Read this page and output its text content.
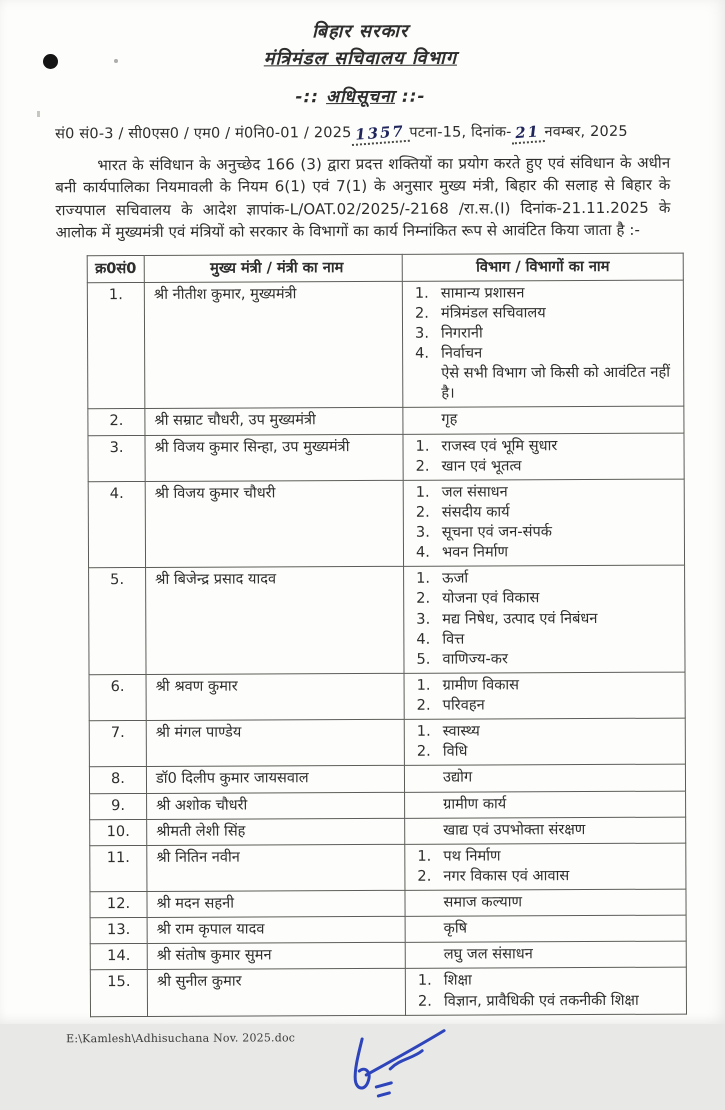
बिहार सरकार
मंत्रिमंडल सचिवालय विभाग
-:: अधिसूचना ::-
सं0 सं0-3 / सी0एस0 / एम0 / मं0नि0-01 / 2025 1357 पटना-15, दिनांक- 21 नवम्बर, 2025

भारत के संविधान के अनुच्छेद 166 (3) द्वारा प्रदत्त शक्तियों का प्रयोग करते हुए एवं संविधान के अधीन बनी कार्यपालिका नियमावली के नियम 6(1) एवं 7(1) के अनुसार मुख्य मंत्री, बिहार की सलाह से बिहार के राज्यपाल सचिवालय के आदेश ज्ञापांक-L/OAT.02/2025/-2168 /रा.स.(I) दिनांक-21.11.2025 के आलोक में मुख्यमंत्री एवं मंत्रियों को सरकार के विभागों का कार्य निम्नांकित रूप से आवंटित किया जाता है :-

क्र0सं0	मुख्य मंत्री / मंत्री का नाम	विभाग / विभागों का नाम
1.	श्री नीतीश कुमार, मुख्यमंत्री	1. सामान्य प्रशासन
2. मंत्रिमंडल सचिवालय
3. निगरानी
4. निर्वाचन
ऐसे सभी विभाग जो किसी को आवंटित नहीं है।

2.	श्री सम्राट चौधरी, उप मुख्यमंत्री	गृह

3.	श्री विजय कुमार सिन्हा, उप मुख्यमंत्री	1. राजस्व एवं भूमि सुधार
2. खान एवं भूतत्व

4.	श्री विजय कुमार चौधरी	1. जल संसाधन
2. संसदीय कार्य
3. सूचना एवं जन-संपर्क
4. भवन निर्माण

5.	श्री बिजेन्द्र प्रसाद यादव	1. ऊर्जा
2. योजना एवं विकास
3. मद्य निषेध, उत्पाद एवं निबंधन
4. वित्त
5. वाणिज्य-कर

6.	श्री श्रवण कुमार	1. ग्रामीण विकास
2. परिवहन

7.	श्री मंगल पाण्डेय	1. स्वास्थ्य
2. विधि

8.	डॉ0 दिलीप कुमार जायसवाल	उद्योग

9.	श्री अशोक चौधरी	ग्रामीण कार्य

10.	श्रीमती लेशी सिंह	खाद्य एवं उपभोक्ता संरक्षण

11.	श्री नितिन नवीन	1. पथ निर्माण
2. नगर विकास एवं आवास

12.	श्री मदन सहनी	समाज कल्याण

13.	श्री राम कृपाल यादव	कृषि

14.	श्री संतोष कुमार सुमन	लघु जल संसाधन

15.	श्री सुनील कुमार	1. शिक्षा
2. विज्ञान, प्रावैधिकी एवं तकनीकी शिक्षा
E:\Kamlesh\Adhisuchana Nov. 2025.doc
